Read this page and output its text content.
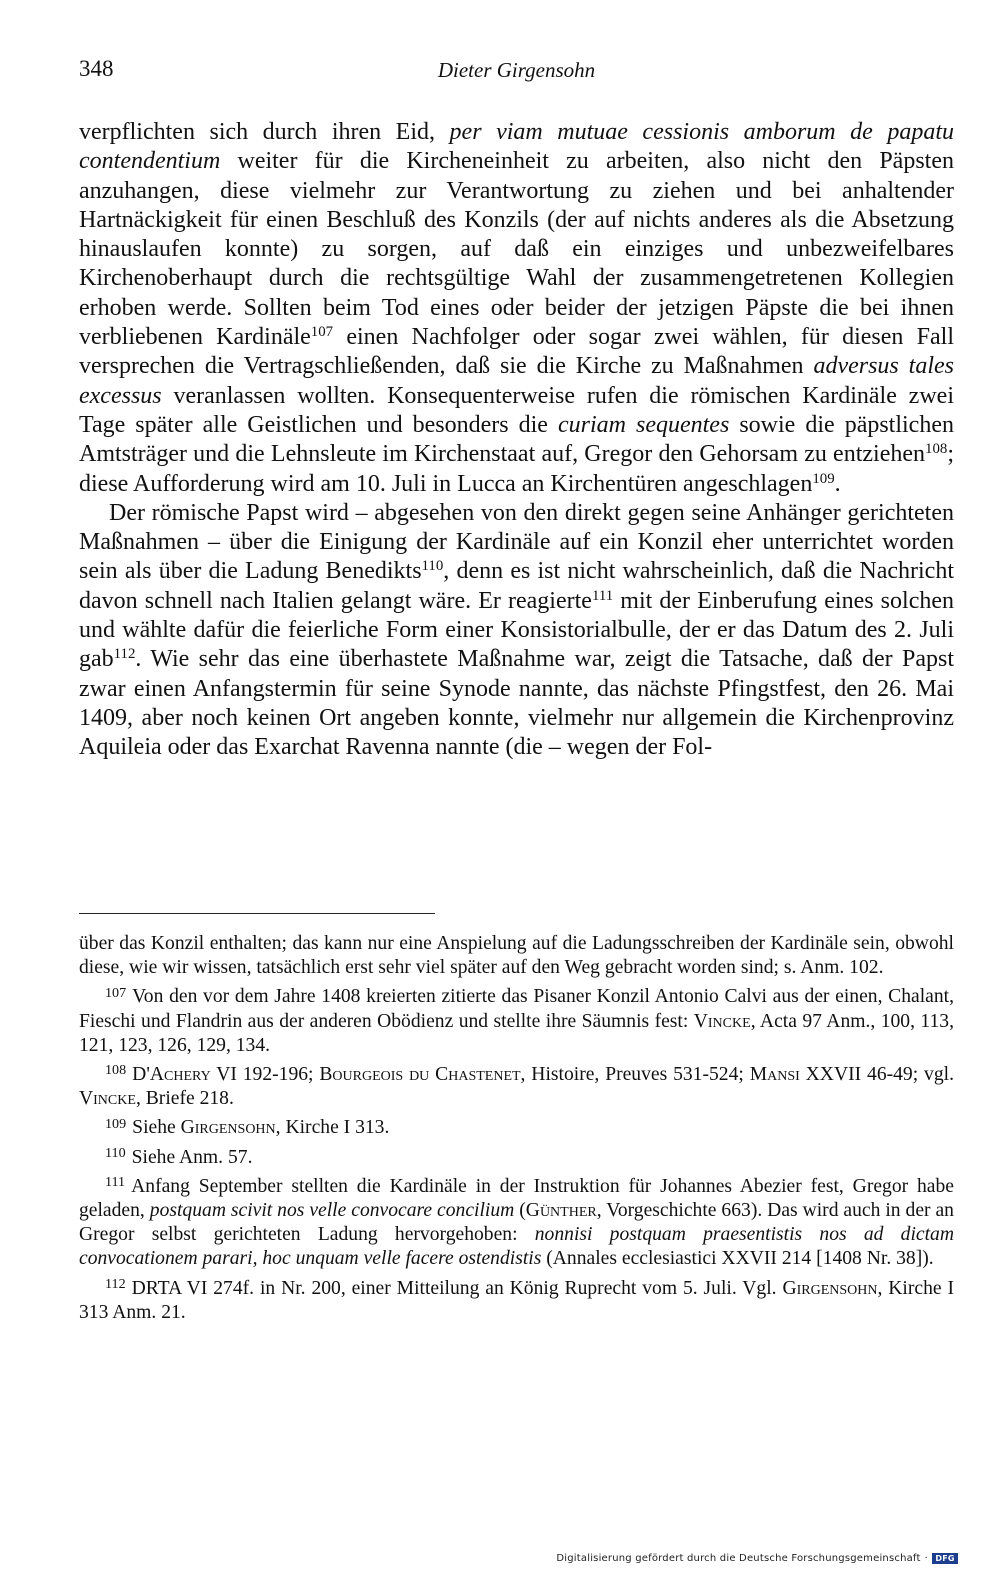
348	Dieter Girgensohn

verpflichten sich durch ihren Eid, per viam mutuae cessionis amborum de papatu contendentium weiter für die Kircheneinheit zu arbeiten, also nicht den Päpsten anzuhangen, diese vielmehr zur Verantwortung zu ziehen und bei anhaltender Hartnäckigkeit für einen Beschluß des Konzils (der auf nichts anderes als die Absetzung hinauslaufen konnte) zu sorgen, auf daß ein einziges und unbezweifelbares Kirchenoberhaupt durch die rechtsgültige Wahl der zusammengetretenen Kollegien erhoben werde. Sollten beim Tod eines oder beider der jetzigen Päpste die bei ihnen verbliebenen Kardinäle$^{107}$ einen Nachfolger oder sogar zwei wählen, für diesen Fall versprechen die Vertragschließenden, daß sie die Kirche zu Maßnahmen adversus tales excessus veranlassen wollten. Konsequenterweise rufen die römischen Kardinäle zwei Tage später alle Geistlichen und besonders die curiam sequentes sowie die päpstlichen Amtsträger und die Lehnsleute im Kirchenstaat auf, Gregor den Gehorsam zu entziehen$^{108}$; diese Aufforderung wird am 10. Juli in Lucca an Kirchentüren angeschlagen$^{109}$.

Der römische Papst wird – abgesehen von den direkt gegen seine Anhänger gerichteten Maßnahmen – über die Einigung der Kardinäle auf ein Konzil eher unterrichtet worden sein als über die Ladung Benedikts$^{110}$, denn es ist nicht wahrscheinlich, daß die Nachricht davon schnell nach Italien gelangt wäre. Er reagierte$^{111}$ mit der Einberufung eines solchen und wählte dafür die feierliche Form einer Konsistorialbulle, der er das Datum des 2. Juli gab$^{112}$. Wie sehr das eine überhastete Maßnahme war, zeigt die Tatsache, daß der Papst zwar einen Anfangstermin für seine Synode nannte, das nächste Pfingstfest, den 26. Mai 1409, aber noch keinen Ort angeben konnte, vielmehr nur allgemein die Kirchenprovinz Aquileia oder das Exarchat Ravenna nannte (die – wegen der Fol-

über das Konzil enthalten; das kann nur eine Anspielung auf die Ladungsschreiben der Kardinäle sein, obwohl diese, wie wir wissen, tatsächlich erst sehr viel später auf den Weg gebracht worden sind; s. Anm. 102.

$^{107}$ Von den vor dem Jahre 1408 kreierten zitierte das Pisaner Konzil Antonio Calvi aus der einen, Chalant, Fieschi und Flandrin aus der anderen Obödienz und stellte ihre Säumnis fest: Vincke, Acta 97 Anm., 100, 113, 121, 123, 126, 129, 134.

$^{108}$ D'Achery VI 192-196; Bourgeois du Chastenet, Histoire, Preuves 531-524; Mansi XXVII 46-49; vgl. Vincke, Briefe 218.

$^{109}$ Siehe Girgensohn, Kirche I 313.

$^{110}$ Siehe Anm. 57.

$^{111}$ Anfang September stellten die Kardinäle in der Instruktion für Johannes Abezier fest, Gregor habe geladen, postquam scivit nos velle convocare concilium (Günther, Vorgeschichte 663). Das wird auch in der an Gregor selbst gerichteten Ladung hervorgehoben: nonnisi postquam praesentistis nos ad dictam convocationem parari, hoc unquam velle facere ostendistis (Annales ecclesiastici XXVII 214 [1408 Nr. 38]).

$^{112}$ DRTA VI 274f. in Nr. 200, einer Mitteilung an König Ruprecht vom 5. Juli. Vgl. Girgensohn, Kirche I 313 Anm. 21.

Digitalisierung gefördert durch die Deutsche Forschungsgemeinschaft · DFG
